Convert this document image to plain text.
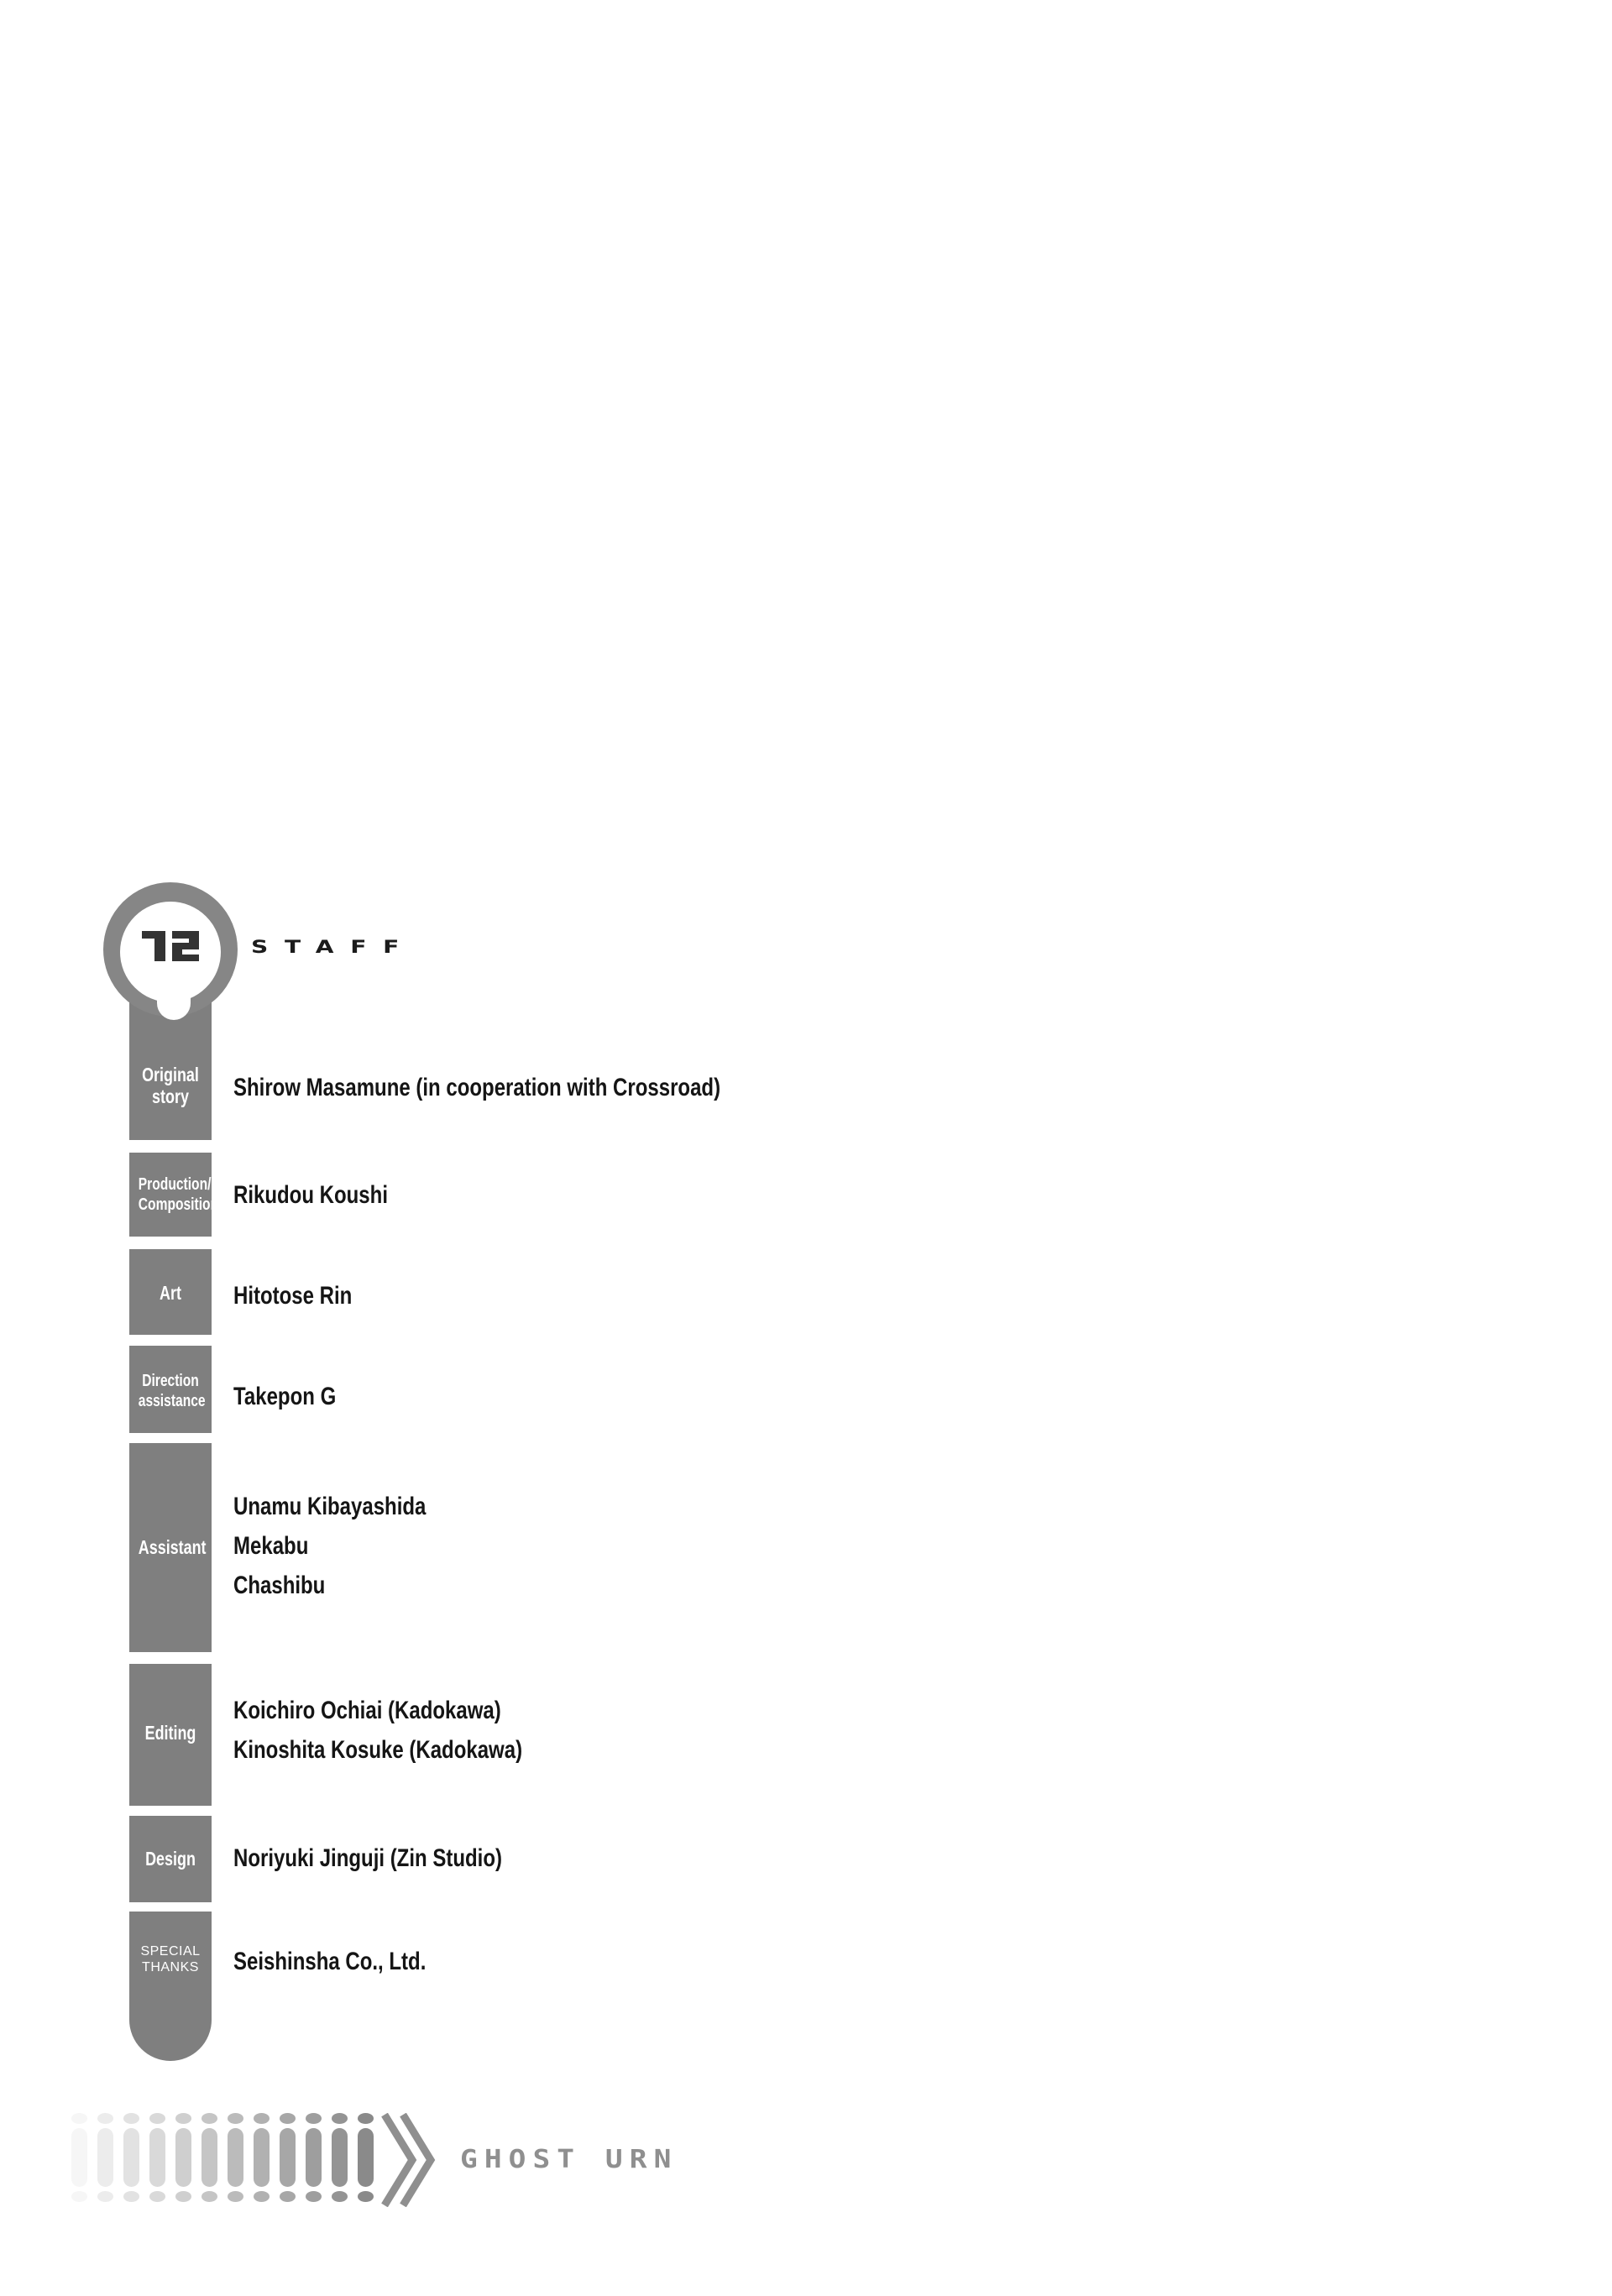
STAFF
Original
story
Production/
Composition
Art
Direction
assistance
Assistant
Editing
Design
SPECIAL
THANKS
Shirow Masamune (in cooperation with Crossroad)
Rikudou Koushi
Hitotose Rin
Takepon G
Unamu Kibayashida
Mekabu
Chashibu
Koichiro Ochiai (Kadokawa)
Kinoshita Kosuke (Kadokawa)
Noriyuki Jinguji (Zin Studio)
Seishinsha Co., Ltd.
GHOST URN
